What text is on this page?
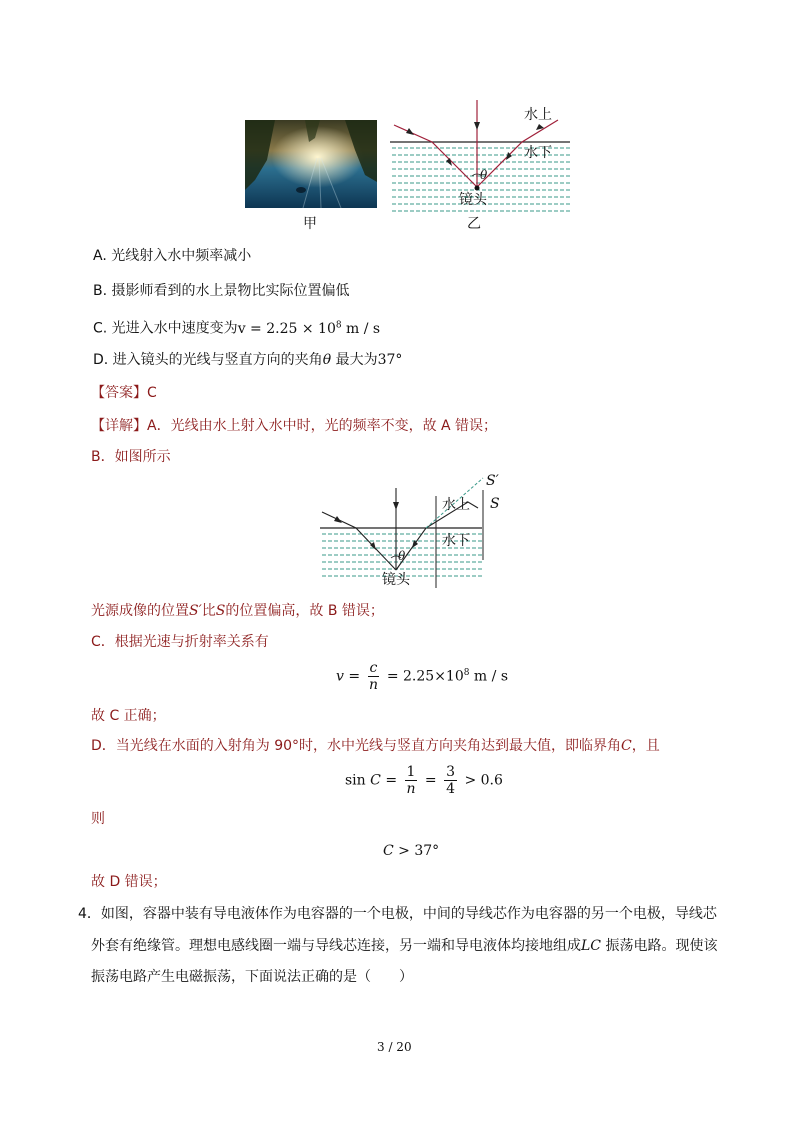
甲
水上
水下
θ
镜头
乙
A. 光线射入水中频率减小
B. 摄影师看到的水上景物比实际位置偏低
C. 光进入水中速度变为$v = 2.25 \times 10^8$ m / s
D. 进入镜头的光线与竖直方向的夹角θ 最大为37°
【答案】C
【详解】A．光线由水上射入水中时，光的频率不变，故 A 错误；
B．如图所示
水上
水下
θ
镜头
S′
S
光源成像的位置S′比S的位置偏高，故 B 错误；
C．根据光速与折射率关系有
$v = \frac{c}{n} = 2.25\times 10^8$ m / s
故 C 正确；
D．当光线在水面的入射角为 90°时，水中光线与竖直方向夹角达到最大值，即临界角C，且
$\sin C = \frac{1}{n} = \frac{3}{4} > 0.6$
则
C > 37°
故 D 错误；
4．如图，容器中装有导电液体作为电容器的一个电极，中间的导线芯作为电容器的另一个电极，导线芯
外套有绝缘管。理想电感线圈一端与导线芯连接，另一端和导电液体均接地组成LC 振荡电路。现使该
振荡电路产生电磁振荡，下面说法正确的是（　　）
3 / 20
